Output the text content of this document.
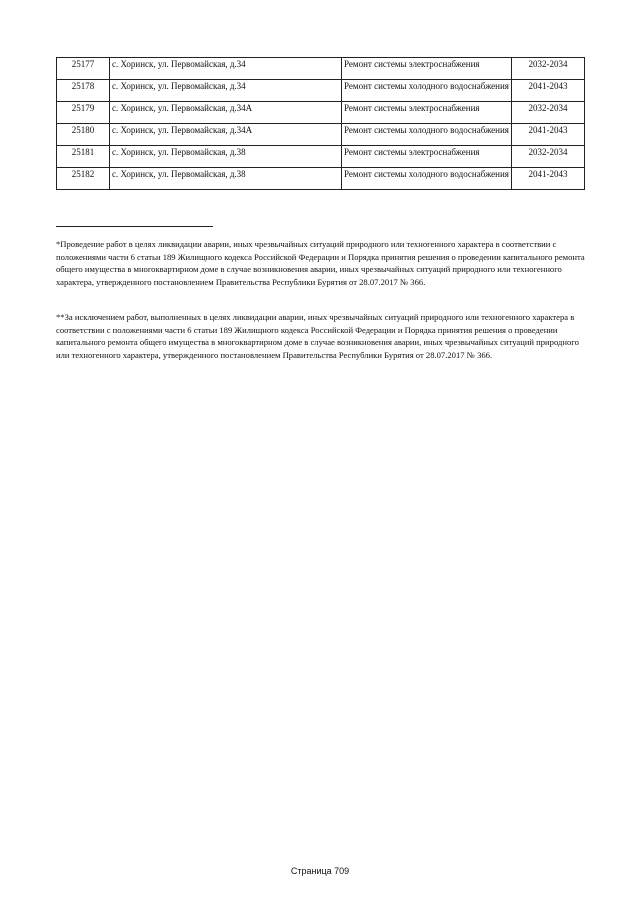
25177	с. Хоринск, ул. Первомайская, д.34	Ремонт системы электроснабжения	2032-2034
25178	с. Хоринск, ул. Первомайская, д.34	Ремонт системы холодного водоснабжения	2041-2043
25179	с. Хоринск, ул. Первомайская, д.34А	Ремонт системы электроснабжения	2032-2034
25180	с. Хоринск, ул. Первомайская, д.34А	Ремонт системы холодного водоснабжения	2041-2043
25181	с. Хоринск, ул. Первомайская, д.38	Ремонт системы электроснабжения	2032-2034
25182	с. Хоринск, ул. Первомайская, д.38	Ремонт системы холодного водоснабжения	2041-2043

*Проведение работ в целях ликвидации аварии, иных чрезвычайных ситуаций природного или техногенного характера в соответствии с положениями части 6 статьи 189 Жилищного кодекса Российской Федерации и Порядка принятия решения о проведении капитального ремонта общего имущества в многоквартирном доме в случае возникновения аварии, иных чрезвычайных ситуаций природного или техногенного характера, утвержденного постановлением Правительства Республики Бурятия от 28.07.2017 № 366.

**За исключением работ, выполненных в целях ликвидации аварии, иных чрезвычайных ситуаций природного или техногенного характера в соответствии с положениями части 6 статьи 189 Жилищного кодекса Российской Федерации и Порядка принятия решения о проведении капитального ремонта общего имущества в многоквартирном доме в случае возникновения аварии, иных чрезвычайных ситуаций природного или техногенного характера, утвержденного постановлением Правительства Республики Бурятия от 28.07.2017 № 366.

Страница 709
